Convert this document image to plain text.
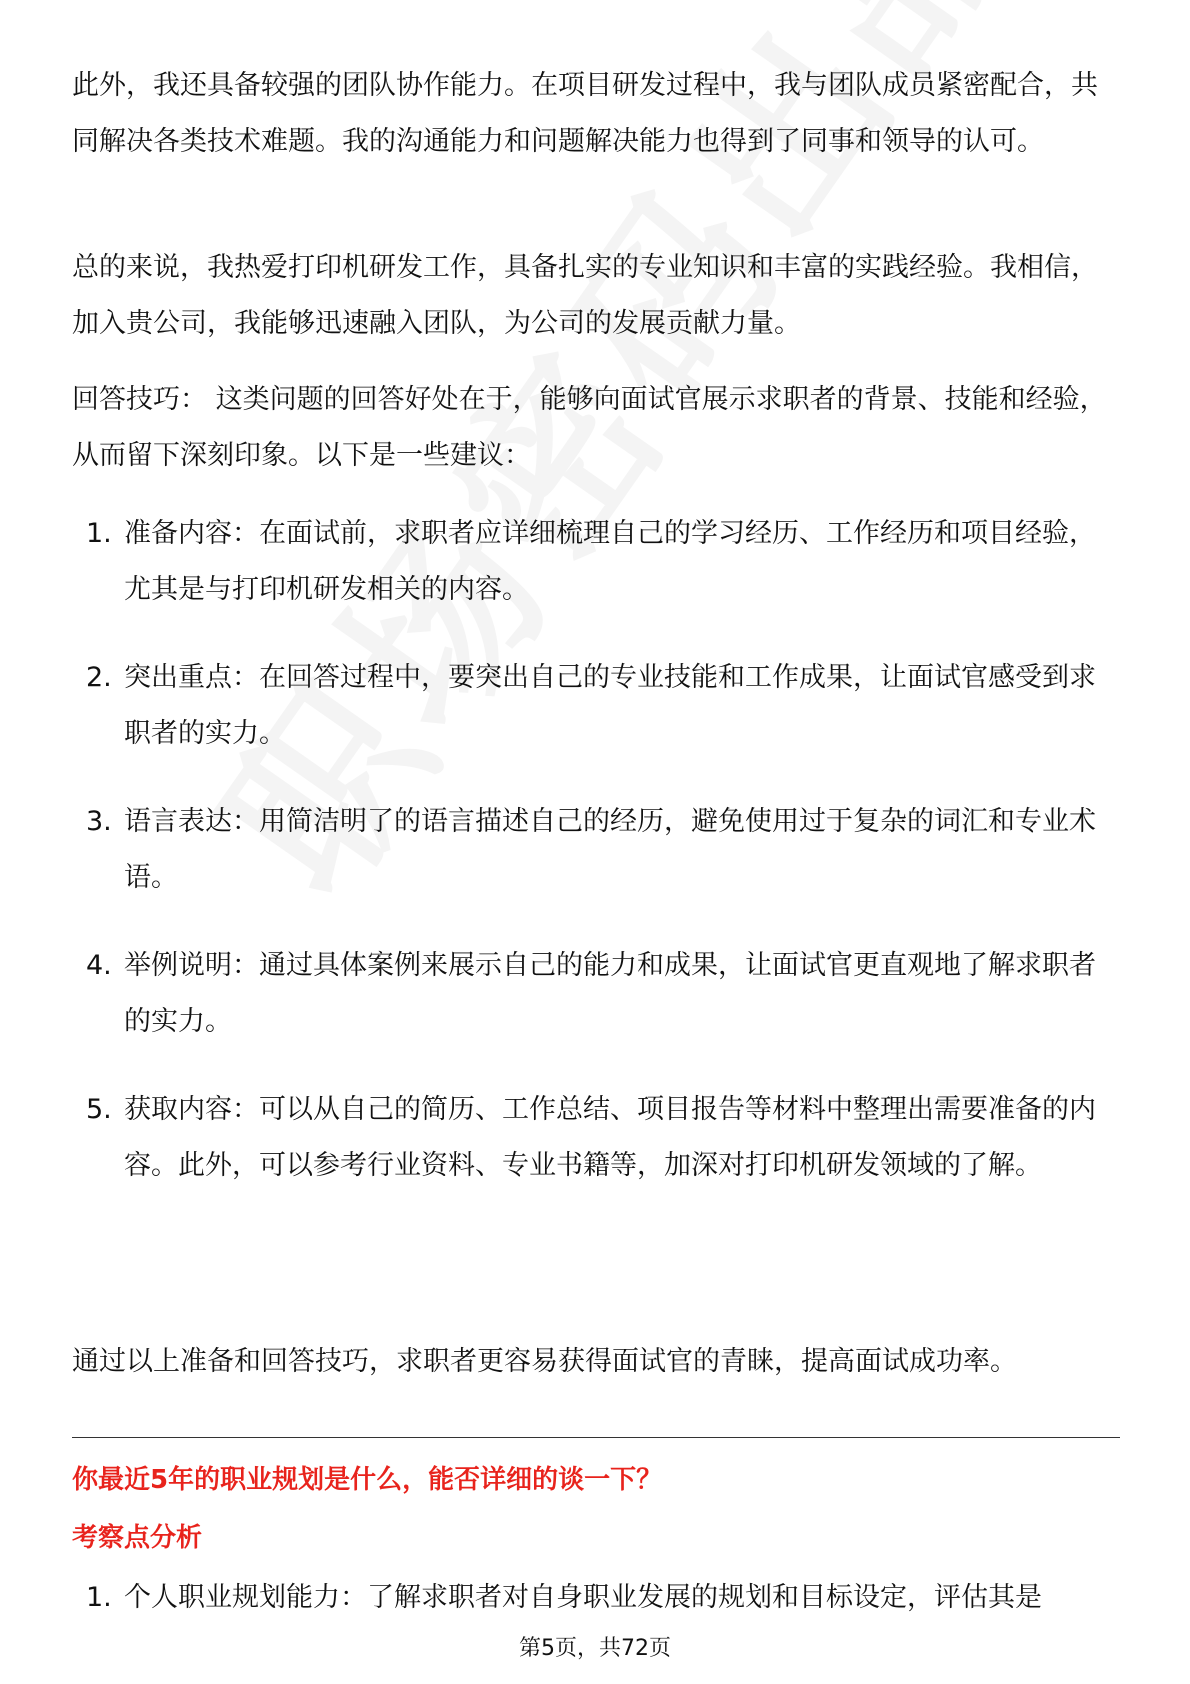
此外，我还具备较强的团队协作能力。在项目研发过程中，我与团队成员紧密配合，共同解决各类技术难题。我的沟通能力和问题解决能力也得到了同事和领导的认可。

总的来说，我热爱打印机研发工作，具备扎实的专业知识和丰富的实践经验。我相信，加入贵公司，我能够迅速融入团队，为公司的发展贡献力量。

回答技巧： 这类问题的回答好处在于，能够向面试官展示求职者的背景、技能和经验，从而留下深刻印象。以下是一些建议：

1. 准备内容：在面试前，求职者应详细梳理自己的学习经历、工作经历和项目经验，尤其是与打印机研发相关的内容。
2. 突出重点：在回答过程中，要突出自己的专业技能和工作成果，让面试官感受到求职者的实力。
3. 语言表达：用简洁明了的语言描述自己的经历，避免使用过于复杂的词汇和专业术语。
4. 举例说明：通过具体案例来展示自己的能力和成果，让面试官更直观地了解求职者的实力。
5. 获取内容：可以从自己的简历、工作总结、项目报告等材料中整理出需要准备的内容。此外，可以参考行业资料、专业书籍等，加深对打印机研发领域的了解。

通过以上准备和回答技巧，求职者更容易获得面试官的青睐，提高面试成功率。

你最近5年的职业规划是什么，能否详细的谈一下？
考察点分析
1. 个人职业规划能力：了解求职者对自身职业发展的规划和目标设定，评估其是
第5页，共72页
